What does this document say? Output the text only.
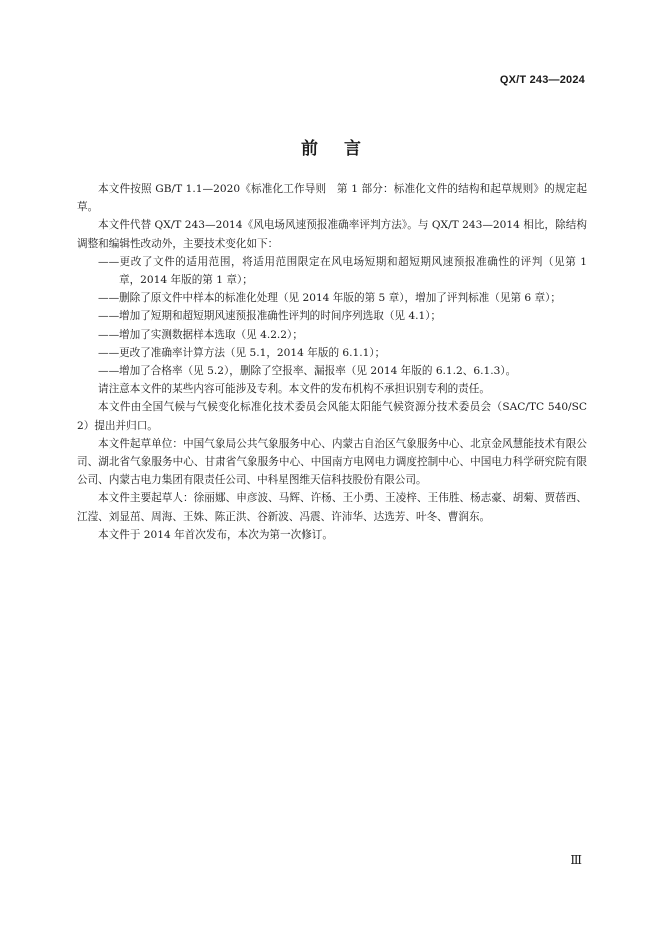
QX/T 243—2024
前言

本文件按照 GB/T 1.1—2020《标准化工作导则　第 1 部分：标准化文件的结构和起草规则》的规定起草。

本文件代替 QX/T 243—2014《风电场风速预报准确率评判方法》。与 QX/T 243—2014 相比，除结构调整和编辑性改动外，主要技术变化如下：

——更改了文件的适用范围，将适用范围限定在风电场短期和超短期风速预报准确性的评判（见第 1 章，2014 年版的第 1 章）；

——删除了原文件中样本的标准化处理（见 2014 年版的第 5 章），增加了评判标准（见第 6 章）；

——增加了短期和超短期风速预报准确性评判的时间序列选取（见 4.1）；

——增加了实测数据样本选取（见 4.2.2）；

——更改了准确率计算方法（见 5.1，2014 年版的 6.1.1）；

——增加了合格率（见 5.2），删除了空报率、漏报率（见 2014 年版的 6.1.2、6.1.3）。

请注意本文件的某些内容可能涉及专利。本文件的发布机构不承担识别专利的责任。

本文件由全国气候与气候变化标准化技术委员会风能太阳能气候资源分技术委员会（SAC/TC 540/SC 2）提出并归口。

本文件起草单位：中国气象局公共气象服务中心、内蒙古自治区气象服务中心、北京金风慧能技术有限公司、湖北省气象服务中心、甘肃省气象服务中心、中国南方电网电力调度控制中心、中国电力科学研究院有限公司、内蒙古电力集团有限责任公司、中科星图维天信科技股份有限公司。

本文件主要起草人：徐丽娜、申彦波、马辉、许杨、王小勇、王凌梓、王伟胜、杨志豪、胡菊、贾蓓西、江滢、刘显茁、周海、王姝、陈正洪、谷新波、冯震、许沛华、达选芳、叶冬、曹润东。

本文件于 2014 年首次发布，本次为第一次修订。

Ⅲ
